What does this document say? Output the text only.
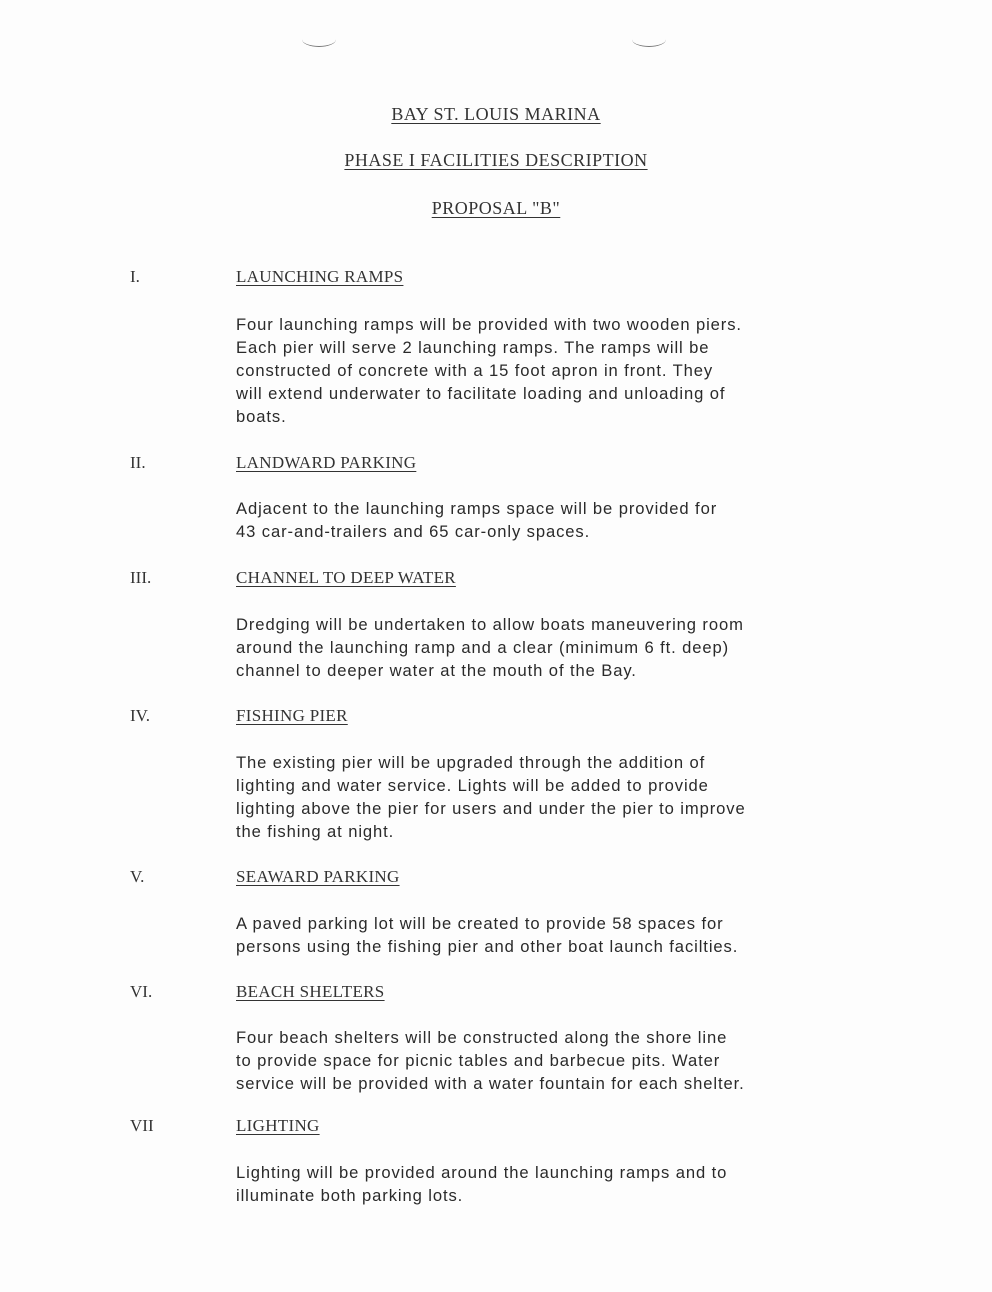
BAY ST. LOUIS MARINA
PHASE I FACILITIES DESCRIPTION
PROPOSAL "B"
I.	LAUNCHING RAMPS
Four launching ramps will be provided with two wooden piers.
Each pier will serve 2 launching ramps. The ramps will be
constructed of concrete with a 15 foot apron in front. They
will extend underwater to facilitate loading and unloading of
boats.
II.	LANDWARD PARKING
Adjacent to the launching ramps space will be provided for
43 car-and-trailers and 65 car-only spaces.
III.	CHANNEL TO DEEP WATER
Dredging will be undertaken to allow boats maneuvering room
around the launching ramp and a clear (minimum 6 ft. deep)
channel to deeper water at the mouth of the Bay.
IV.	FISHING PIER
The existing pier will be upgraded through the addition of
lighting and water service. Lights will be added to provide
lighting above the pier for users and under the pier to improve
the fishing at night.
V.	SEAWARD PARKING
A paved parking lot will be created to provide 58 spaces for
persons using the fishing pier and other boat launch facilties.
VI.	BEACH SHELTERS
Four beach shelters will be constructed along the shore line
to provide space for picnic tables and barbecue pits. Water
service will be provided with a water fountain for each shelter.
VII	LIGHTING
Lighting will be provided around the launching ramps and to
illuminate both parking lots.
